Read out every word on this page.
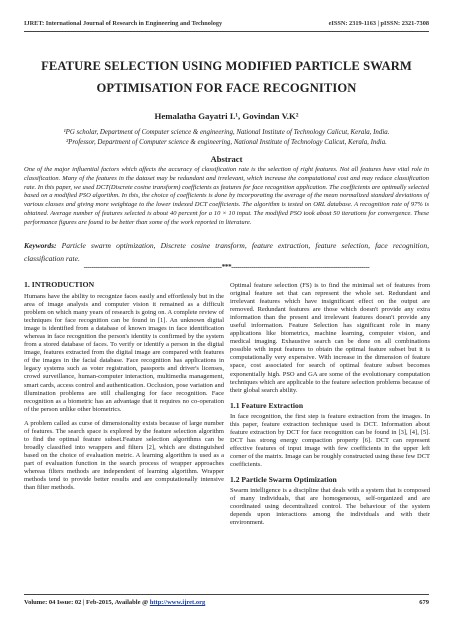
IJRET: International Journal of Research in Engineering and Technology	eISSN: 2319-1163 | pISSN: 2321-7308
FEATURE SELECTION USING MODIFIED PARTICLE SWARM
OPTIMISATION FOR FACE RECOGNITION
Hemalatha Gayatri I.¹, Govindan V.K²
¹PG scholar, Department of Computer science & engineering, National Institute of Technology Calicut, Kerala, India.
²Professor, Department of Computer science & engineering, National Institute of Technology Calicut, Kerala, India.
Abstract

One of the major influential factors which affects the accuracy of classification rate is the selection of right features. Not all features have vital role in classification. Many of the features in the dataset may be redundant and irrelevant, which increase the computational cost and may reduce classification rate. In this paper, we used DCT(Discrete cosine transform) coefficients as features for face recognition application. The coefficients are optimally selected based on a modified PSO algorithm. In this, the choice of coefficients is done by incorporating the average of the mean normalized standard deviations of various classes and giving more weightage to the lower indexed DCT coefficients. The algorithm is tested on ORL database. A recognition rate of 97% is obtained. Average number of features selected is about 40 percent for a 10 × 10 input. The modified PSO took about 50 iterations for convergence. These performance figures are found to be better than some of the work reported in literature.

Keywords: Particle swarm optimization, Discrete cosine transform, feature extraction, feature selection, face recognition, classification rate.

--------------------------------------------------------------------***--------------------------------------------------------------------
1. INTRODUCTION

Humans have the ability to recognize faces easily and effortlessly but in the area of image analysis and computer vision it remained as a difficult problem on which many years of research is going on. A complete review of techniques for face recognition can be found in [1]. An unknown digital image is identified from a database of known images in face identification whereas in face recognition the person's identity is confirmed by the system from a stored database of faces. To verify or identify a person in the digital image, features extracted from the digital image are compared with features of the images in the facial database. Face recognition has applications in legacy systems such as voter registration, passports and driver's licenses, crowd surveillance, human-computer interaction, multimedia management, smart cards, access control and authentication. Occlusion, pose variation and illumination problems are still challenging for face recognition. Face recognition as a biometric has an advantage that it requires no co-operation of the person unlike other biometrics.

A problem called as curse of dimensionality exists because of large number of features. The search space is explored by the feature selection algorithm to find the optimal feature subset.Feature selection algorithms can be broadly classified into wrappers and filters [2], which are distinguished based on the choice of evaluation metric. A learning algorithm is used as a part of evaluation function in the search process of wrapper approaches whereas filters methods are independent of learning algorithm. Wrapper methods tend to provide better results and are computationally intensive than filter methods.

Optimal feature selection (FS) is to find the minimal set of features from original feature set that can represent the whole set. Redundant and irrelevant features which have insignificant effect on the output are removed. Redundant features are those which doesn't provide any extra information than the present and irrelevant features doesn't provide any useful information. Feature Selection has significant role in many applications like biometrics, machine learning, computer vision, and medical imaging. Exhaustive search can be done on all combinations possible with input features to obtain the optimal feature subset but it is computationally very expensive. With increase in the dimension of feature space, cost associated for search of optimal feature subset becomes exponentially high. PSO and GA are some of the evolutionary computation techniques which are applicable to the feature selection problems because of their global search ability.

1.1 Feature Extraction

In face recognition, the first step is feature extraction from the images. In this paper, feature extraction technique used is DCT. Information about feature extraction by DCT for face recognition can be found in [3], [4], [5]. DCT has strong energy compaction property [6]. DCT can represent effective features of input image with few coefficients in the upper left corner of the matrix. Image can be roughly constructed using these few DCT coefficients.

1.2 Particle Swarm Optimization

Swarm intelligence is a discipline that deals with a system that is composed of many individuals, that are homogeneous, self-organized and are coordinated using decentralized control. The behaviour of the system depends upon interactions among the individuals and with their environment.

Volume: 04 Issue: 02 | Feb-2015, Available @ http://www.ijret.org	679
